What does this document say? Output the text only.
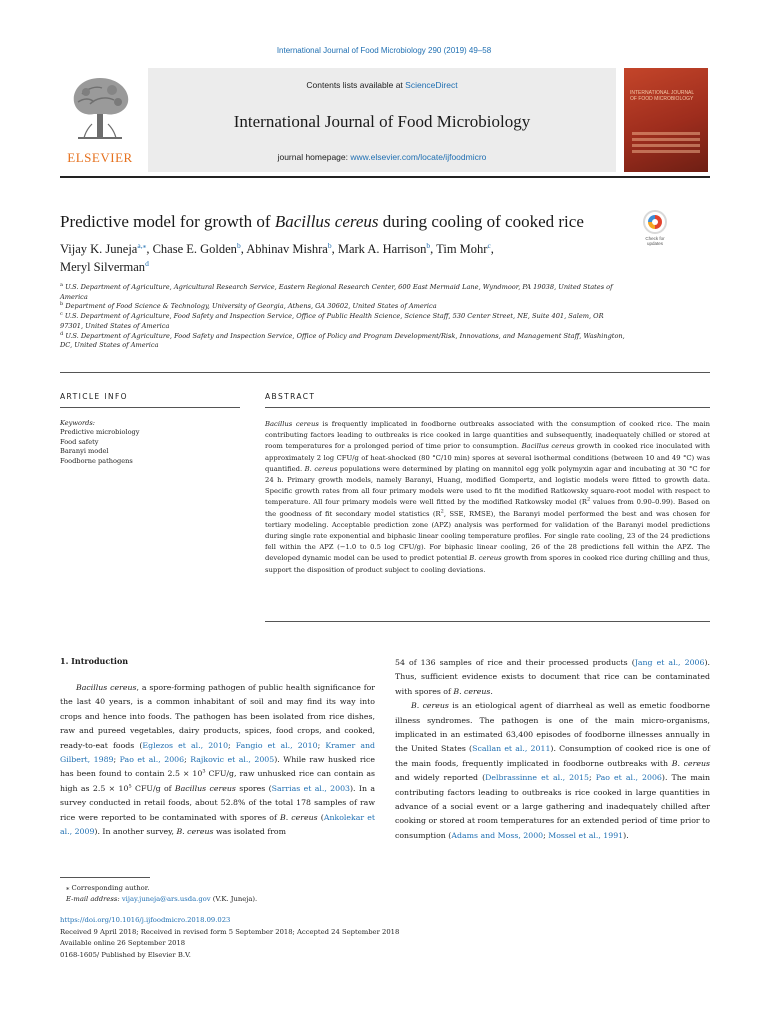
International Journal of Food Microbiology 290 (2019) 49–58
ELSEVIER
Contents lists available at ScienceDirect
International Journal of Food Microbiology
journal homepage: www.elsevier.com/locate/ijfoodmicro
INTERNATIONAL JOURNAL OF FOOD MICROBIOLOGY
Predictive model for growth of Bacillus cereus during cooling of cooked rice
Check for updates
Vijay K. Juneja$^{a,⁎}$, Chase E. Golden$^b$, Abhinav Mishra$^b$, Mark A. Harrison$^b$, Tim Mohr$^c$,
Meryl Silverman$^d$
$^a$ U.S. Department of Agriculture, Agricultural Research Service, Eastern Regional Research Center, 600 East Mermaid Lane, Wyndmoor, PA 19038, United States of America
$^b$ Department of Food Science & Technology, University of Georgia, Athens, GA 30602, United States of America
$^c$ U.S. Department of Agriculture, Food Safety and Inspection Service, Office of Public Health Science, Science Staff, 530 Center Street, NE, Suite 401, Salem, OR 97301, United States of America
$^d$ U.S. Department of Agriculture, Food Safety and Inspection Service, Office of Policy and Program Development/Risk, Innovations, and Management Staff, Washington, DC, United States of America
ARTICLE INFO	ABSTRACT
Keywords:
Predictive microbiology
Food safety
Baranyi model
Foodborne pathogens
Bacillus cereus is frequently implicated in foodborne outbreaks associated with the consumption of cooked rice. The main contributing factors leading to outbreaks is rice cooked in large quantities and subsequently, inadequately chilled or stored at room temperatures for a prolonged period of time prior to consumption. Bacillus cereus growth in cooked rice inoculated with approximately 2 log CFU/g of heat-shocked (80 °C/10 min) spores at several isothermal conditions (between 10 and 49 °C) was quantified. B. cereus populations were determined by plating on mannitol egg yolk polymyxin agar and incubating at 30 °C for 24 h. Primary growth models, namely Baranyi, Huang, modified Gompertz, and logistic models were fitted to growth data. Specific growth rates from all four primary models were used to fit the modified Ratkowsky square-root model with respect to temperature. All four primary models were well fitted by the modified Ratkowsky model ($R^2$ values from 0.90–0.99). Based on the goodness of fit secondary model statistics ($R^2$, SSE, RMSE), the Baranyi model performed the best and was chosen for tertiary modeling. Acceptable prediction zone (APZ) analysis was performed for validation of the Baranyi model predictions during single rate exponential and biphasic linear cooling temperature profiles. For single rate cooling, 23 of the 24 predictions fell within the APZ (−1.0 to 0.5 log CFU/g). For biphasic linear cooling, 26 of the 28 predictions fell within the APZ. The developed dynamic model can be used to predict potential B. cereus growth from spores in cooked rice during chilling and thus, support the disposition of product subject to cooling deviations.
1. Introduction

Bacillus cereus, a spore-forming pathogen of public health significance for the last 40 years, is a common inhabitant of soil and may find its way into crops and hence into foods. The pathogen has been isolated from rice dishes, raw and pureed vegetables, dairy products, spices, food crops, and cooked, ready-to-eat foods (Eglezos et al., 2010; Fangio et al., 2010; Kramer and Gilbert, 1989; Pao et al., 2006; Rajkovic et al., 2005). While raw husked rice has been found to contain $2.5 \times 10^3$ CFU/g, raw unhusked rice can contain as high as $2.5 \times 10^5$ CFU/g of Bacillus cereus spores (Sarrias et al., 2003). In a survey conducted in retail foods, about 52.8% of the total 178 samples of raw rice were reported to be contaminated with spores of B. cereus (Ankolekar et al., 2009). In another survey, B. cereus was isolated from

54 of 136 samples of rice and their processed products (Jang et al., 2006). Thus, sufficient evidence exists to document that rice can be contaminated with spores of B. cereus.

B. cereus is an etiological agent of diarrheal as well as emetic foodborne illness syndromes. The pathogen is one of the main micro-organisms, implicated in an estimated 63,400 episodes of foodborne illnesses annually in the United States (Scallan et al., 2011). Consumption of cooked rice is one of the main foods, frequently implicated in foodborne outbreaks with B. cereus and widely reported (Delbrassinne et al., 2015; Pao et al., 2006). The main contributing factors leading to outbreaks is rice cooked in large quantities in advance of a social event or a large gathering and inadequately chilled after cooking or stored at room temperatures for an extended period of time prior to consumption (Adams and Moss, 2000; Mossel et al., 1991).

⁎ Corresponding author.
E-mail address: vijay.juneja@ars.usda.gov (V.K. Juneja).
https://doi.org/10.1016/j.ijfoodmicro.2018.09.023
Received 9 April 2018; Received in revised form 5 September 2018; Accepted 24 September 2018
Available online 26 September 2018
0168-1605/ Published by Elsevier B.V.
